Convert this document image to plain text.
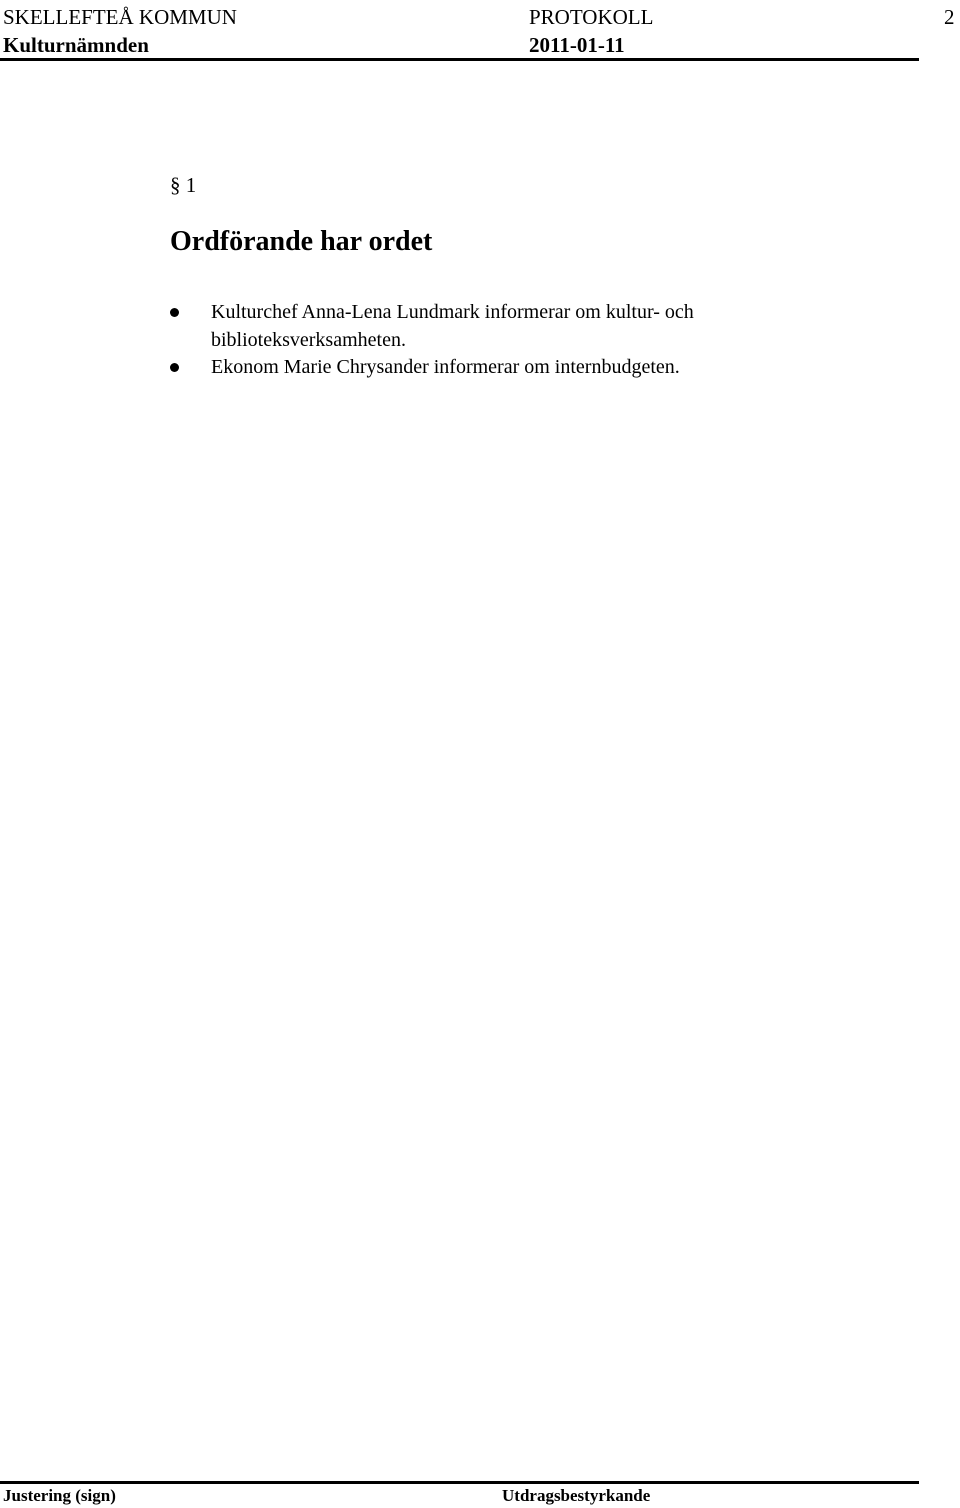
SKELLEFTEÅ KOMMUN	PROTOKOLL	2
Kulturnämnden	2011-01-11
§ 1
Ordförande har ordet
Kulturchef Anna-Lena Lundmark informerar om kultur- och biblioteksverksamheten.
Ekonom Marie Chrysander informerar om internbudgeten.
Justering (sign)	Utdragsbestyrkande
